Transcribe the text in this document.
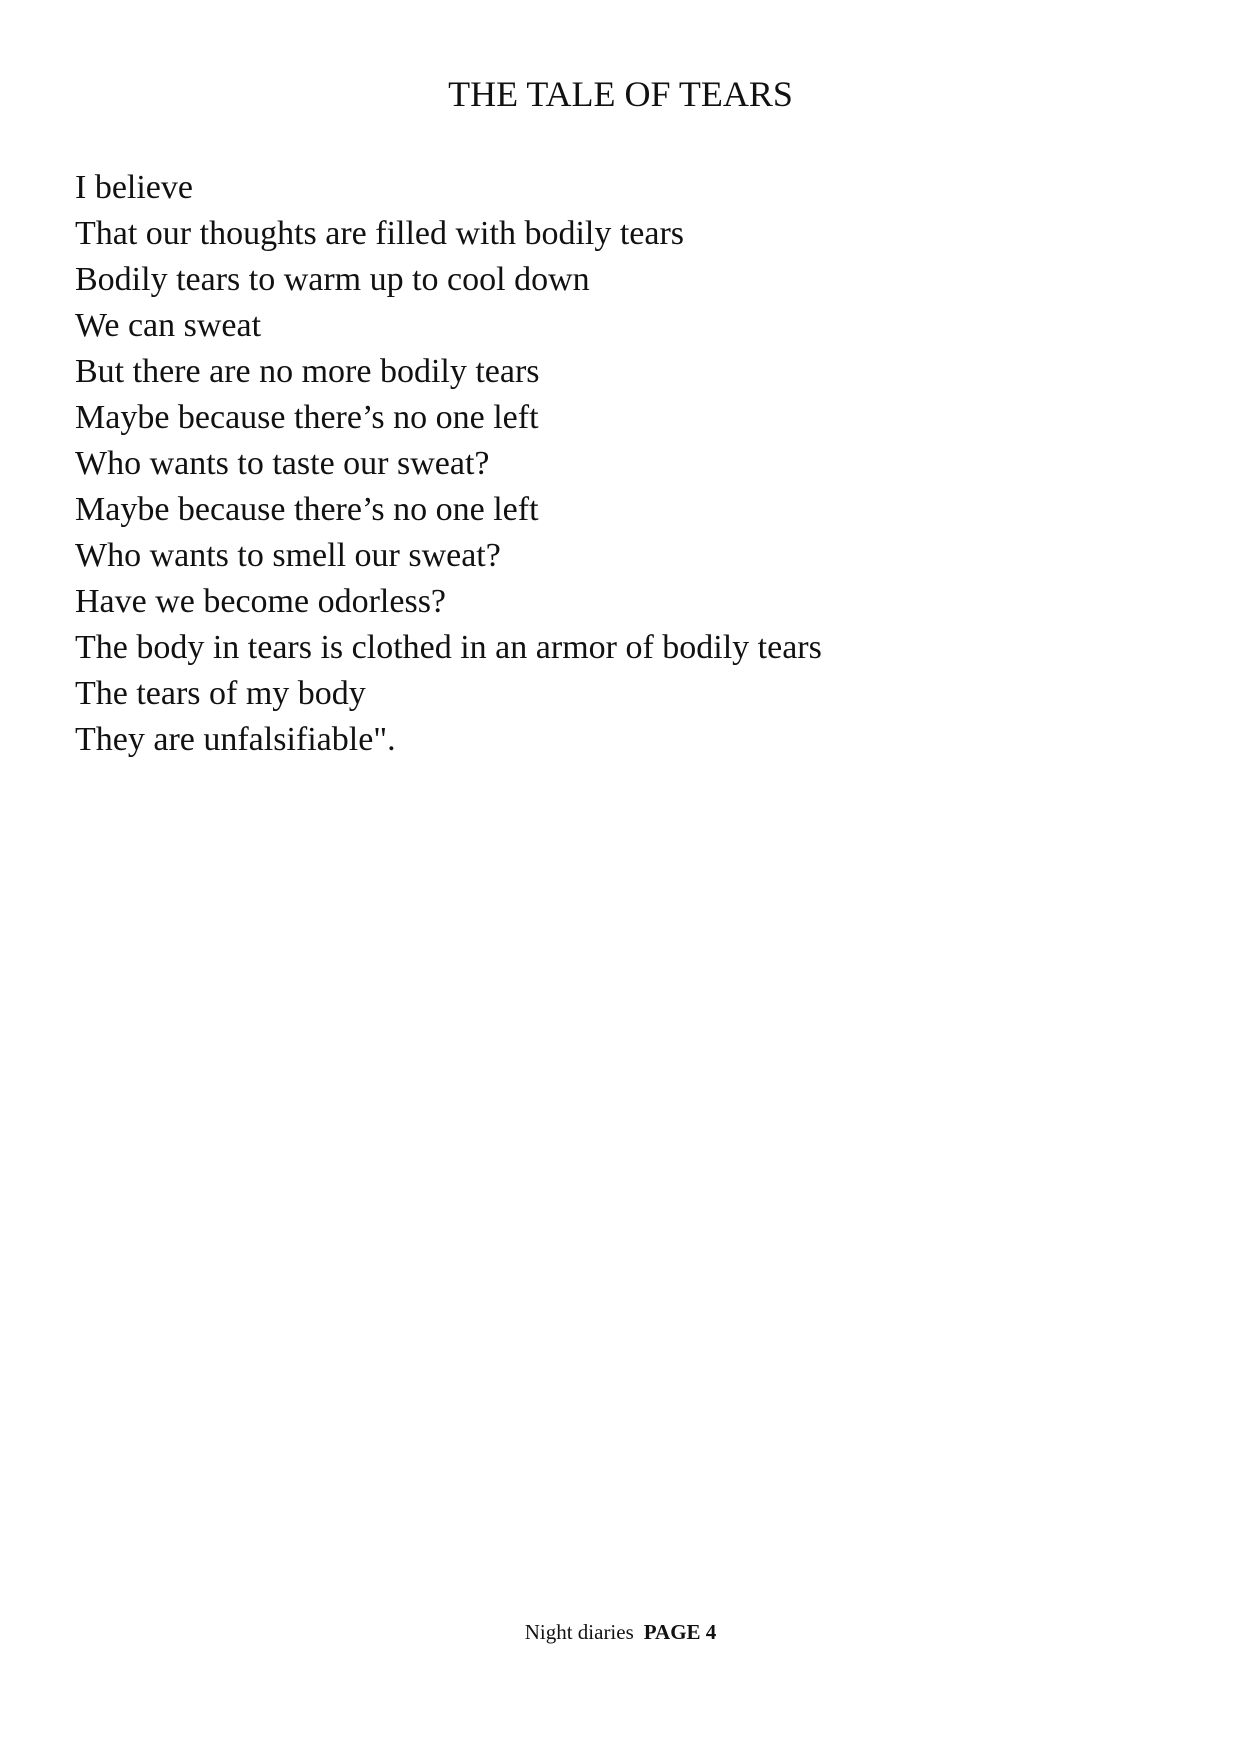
THE TALE OF TEARS
I believe
That our thoughts are filled with bodily tears
Bodily tears to warm up to cool down
We can sweat
But there are no more bodily tears
Maybe because there’s no one left
Who wants to taste our sweat?
Maybe because there’s no one left
Who wants to smell our sweat?
Have we become odorless?
The body in tears is clothed in an armor of bodily tears
The tears of my body
They are unfalsifiable".
Night diaries PAGE 4
